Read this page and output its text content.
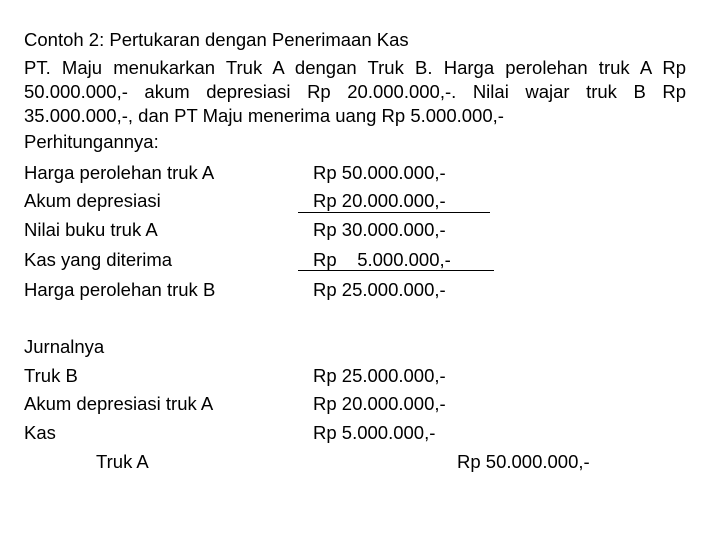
Contoh 2: Pertukaran dengan Penerimaan Kas
PT. Maju menukarkan Truk A dengan Truk B. Harga perolehan truk A Rp 50.000.000,- akum depresiasi Rp 20.000.000,-. Nilai wajar truk B Rp 35.000.000,-, dan PT Maju menerima uang Rp 5.000.000,-
Perhitungannya:
Harga perolehan truk A	Rp 50.000.000,-
Akum depresiasi	Rp 20.000.000,-
Nilai buku truk A	Rp 30.000.000,-
Kas yang diterima	Rp    5.000.000,-
Harga perolehan truk B	Rp 25.000.000,-
Jurnalnya
Truk B	Rp 25.000.000,-
Akum depresiasi truk A	Rp 20.000.000,-
Kas	Rp 5.000.000,-
Truk A	Rp 50.000.000,-
